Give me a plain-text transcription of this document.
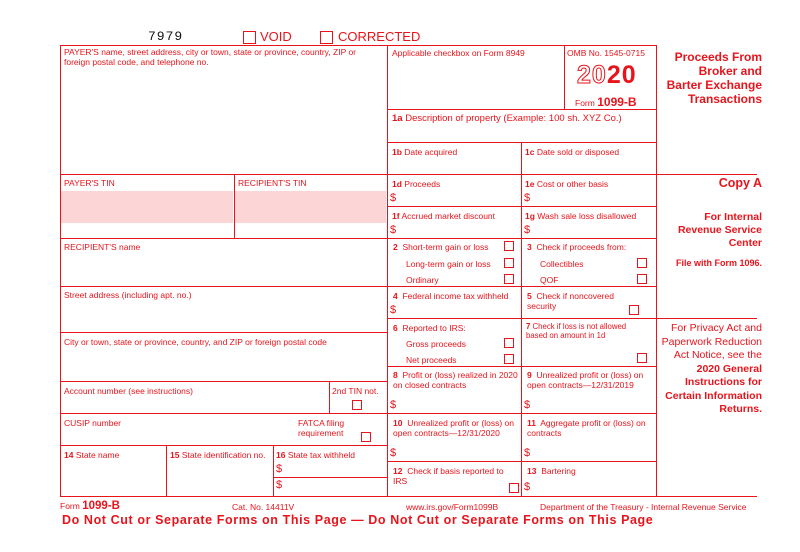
7979	VOID	CORRECTED
PAYER'S name, street address, city or town, state or province, country, ZIP or foreign postal code, and telephone no.
PAYER'S TIN	RECIPIENT'S TIN
RECIPIENT'S name
Street address (including apt. no.)
City or town, state or province, country, and ZIP or foreign postal code
Account number (see instructions)	2nd TIN not.
CUSIP number	FATCA filing requirement
14 State name	15 State identification no. 16 State tax withheld
$
$
Applicable checkbox on Form 8949	OMB No. 1545-0715
2020
Form 1099-B
1a Description of property (Example: 100 sh. XYZ Co.)
1b Date acquired	1c Date sold or disposed
1d Proceeds
$
1e Cost or other basis
$
1f Accrued market discount
$
1g Wash sale loss disallowed
$
2 Short-term gain or loss
Long-term gain or loss
Ordinary
3 Check if proceeds from:
Collectibles
QOF
4 Federal income tax withheld
$
5 Check if noncovered security
6 Reported to IRS:
Gross proceeds
Net proceeds
7 Check if loss is not allowed based on amount in 1d
8 Profit or (loss) realized in 2020 on closed contracts
$
9 Unrealized profit or (loss) on open contracts—12/31/2019
$
10 Unrealized profit or (loss) on open contracts—12/31/2020
$
11 Aggregate profit or (loss) on contracts
$
12 Check if basis reported to IRS
13 Bartering
$
Proceeds From Broker and Barter Exchange Transactions
Copy A
For Internal Revenue Service Center
File with Form 1096.
For Privacy Act and Paperwork Reduction Act Notice, see the 2020 General Instructions for Certain Information Returns.
Form 1099-B	Cat. No. 14411V	www.irs.gov/Form1099B	Department of the Treasury - Internal Revenue Service
Do Not Cut or Separate Forms on This Page — Do Not Cut or Separate Forms on This Page
